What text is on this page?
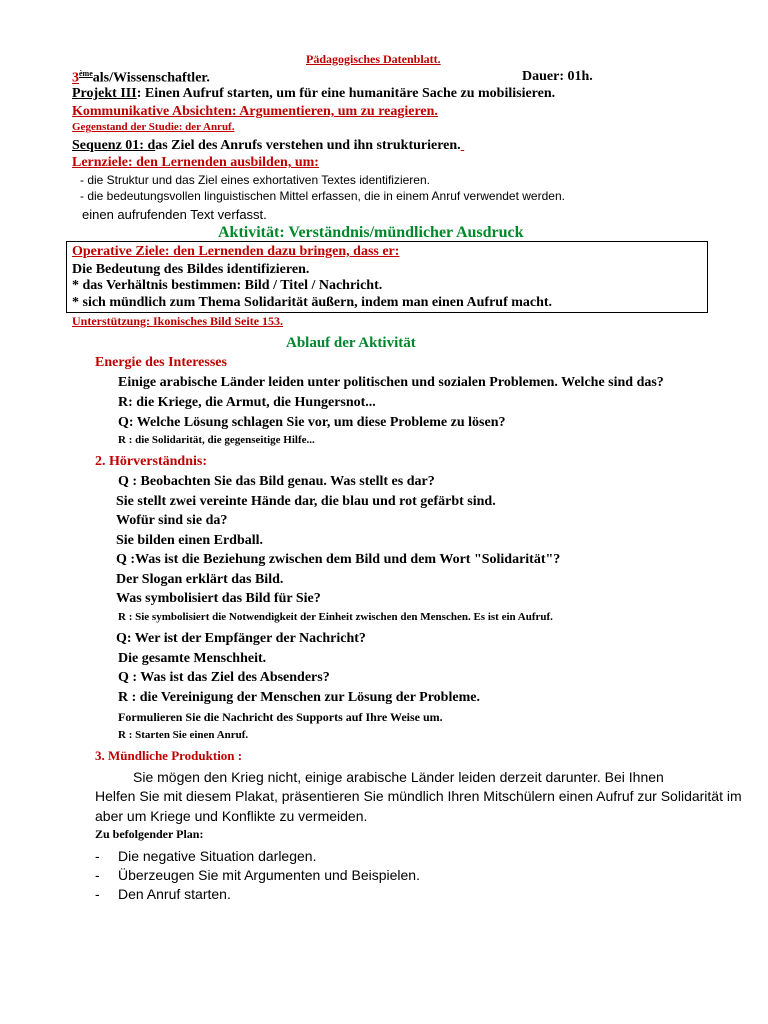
Pädagogisches Datenblatt.
3èmeals/Wissenschaftler.	Dauer: 01h.
Projekt III: Einen Aufruf starten, um für eine humanitäre Sache zu mobilisieren.
Kommunikative Absichten: Argumentieren, um zu reagieren.
Gegenstand der Studie: der Anruf.
Sequenz 01: das Ziel des Anrufs verstehen und ihn strukturieren.
Lernziele: den Lernenden ausbilden, um:
- die Struktur und das Ziel eines exhortativen Textes identifizieren.
- die bedeutungsvollen linguistischen Mittel erfassen, die in einem Anruf verwendet werden.
einen aufrufenden Text verfasst.
Aktivität: Verständnis/mündlicher Ausdruck
Operative Ziele: den Lernenden dazu bringen, dass er:
Die Bedeutung des Bildes identifizieren.
* das Verhältnis bestimmen: Bild / Titel / Nachricht.
* sich mündlich zum Thema Solidarität äußern, indem man einen Aufruf macht.
Unterstützung: Ikonisches Bild Seite 153.
Ablauf der Aktivität
Energie des Interesses
Einige arabische Länder leiden unter politischen und sozialen Problemen. Welche sind das?
R: die Kriege, die Armut, die Hungersnot...
Q: Welche Lösung schlagen Sie vor, um diese Probleme zu lösen?
R : die Solidarität, die gegenseitige Hilfe...
2. Hörverständnis:
Q : Beobachten Sie das Bild genau. Was stellt es dar?
Sie stellt zwei vereinte Hände dar, die blau und rot gefärbt sind.
Wofür sind sie da?
Sie bilden einen Erdball.
Q :Was ist die Beziehung zwischen dem Bild und dem Wort "Solidarität"?
Der Slogan erklärt das Bild.
Was symbolisiert das Bild für Sie?
R : Sie symbolisiert die Notwendigkeit der Einheit zwischen den Menschen. Es ist ein Aufruf.
Q: Wer ist der Empfänger der Nachricht?
Die gesamte Menschheit.
Q : Was ist das Ziel des Absenders?
R : die Vereinigung der Menschen zur Lösung der Probleme.
Formulieren Sie die Nachricht des Supports auf Ihre Weise um.
R : Starten Sie einen Anruf.
3. Mündliche Produktion :
Sie mögen den Krieg nicht, einige arabische Länder leiden derzeit darunter. Bei Ihnen
Helfen Sie mit diesem Plakat, präsentieren Sie mündlich Ihren Mitschülern einen Aufruf zur Solidarität im
aber um Kriege und Konflikte zu vermeiden.
Zu befolgender Plan:
- Die negative Situation darlegen.
- Überzeugen Sie mit Argumenten und Beispielen.
- Den Anruf starten.
